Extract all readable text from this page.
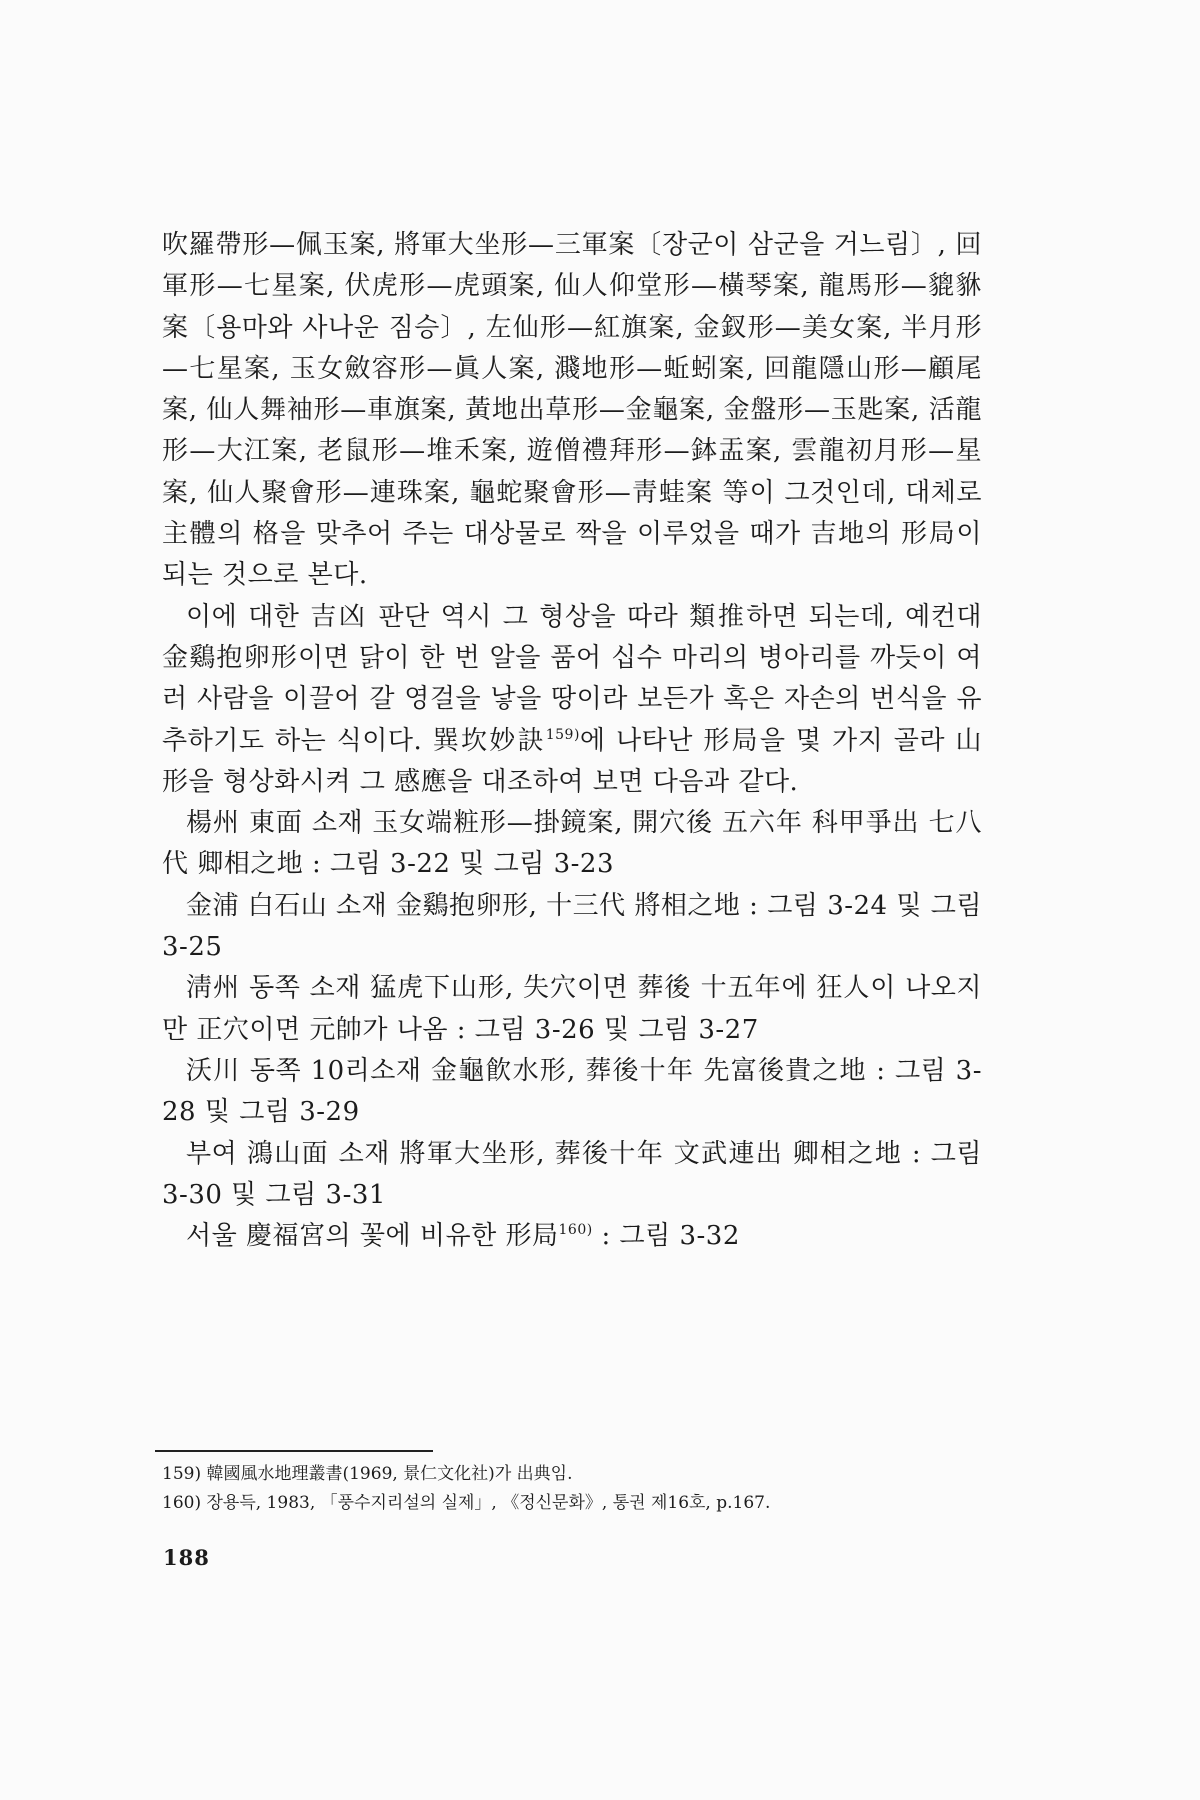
吹羅帶形—佩玉案, 將軍大坐形—三軍案〔장군이 삼군을 거느림〕, 回軍形—七星案, 伏虎形—虎頭案, 仙人仰堂形—橫琴案, 龍馬形—貔貅案〔용마와 사나운 짐승〕, 左仙形—紅旗案, 金釵形—美女案, 半月形—七星案, 玉女斂容形—眞人案, 濺地形—蚯蚓案, 回龍隱山形—顧尾案, 仙人舞袖形—車旗案, 黃地出草形—金龜案, 金盤形—玉匙案, 活龍形—大江案, 老鼠形—堆禾案, 遊僧禮拜形—鉢盂案, 雲龍初月形—星案, 仙人聚會形—連珠案, 龜蛇聚會形—靑蛙案 等이 그것인데, 대체로 主體의 格을 맞추어 주는 대상물로 짝을 이루었을 때가 吉地의 形局이 되는 것으로 본다.

이에 대한 吉凶 판단 역시 그 형상을 따라 類推하면 되는데, 예컨대 金鷄抱卵形이면 닭이 한 번 알을 품어 십수 마리의 병아리를 까듯이 여러 사람을 이끌어 갈 영걸을 낳을 땅이라 보든가 혹은 자손의 번식을 유추하기도 하는 식이다. 巽坎妙訣$^{159)}$에 나타난 形局을 몇 가지 골라 山形을 형상화시켜 그 感應을 대조하여 보면 다음과 같다.

楊州 東面 소재 玉女端粧形—掛鏡案, 開穴後 五六年 科甲爭出 七八代 卿相之地 : 그림 3-22 및 그림 3-23

金浦 白石山 소재 金鷄抱卵形, 十三代 將相之地 : 그림 3-24 및 그림 3-25

淸州 동쪽 소재 猛虎下山形, 失穴이면 葬後 十五年에 狂人이 나오지만 正穴이면 元帥가 나옴 : 그림 3-26 및 그림 3-27

沃川 동쪽 10리소재 金龜飮水形, 葬後十年 先富後貴之地 : 그림 3-28 및 그림 3-29

부여 鴻山面 소재 將軍大坐形, 葬後十年 文武連出 卿相之地 : 그림 3-30 및 그림 3-31

서울 慶福宮의 꽃에 비유한 形局$^{160)}$ : 그림 3-32

159) 韓國風水地理叢書(1969, 景仁文化社)가 出典임.

160) 장용득, 1983, 「풍수지리설의 실제」, 《정신문화》, 통권 제16호, p.167.

188
